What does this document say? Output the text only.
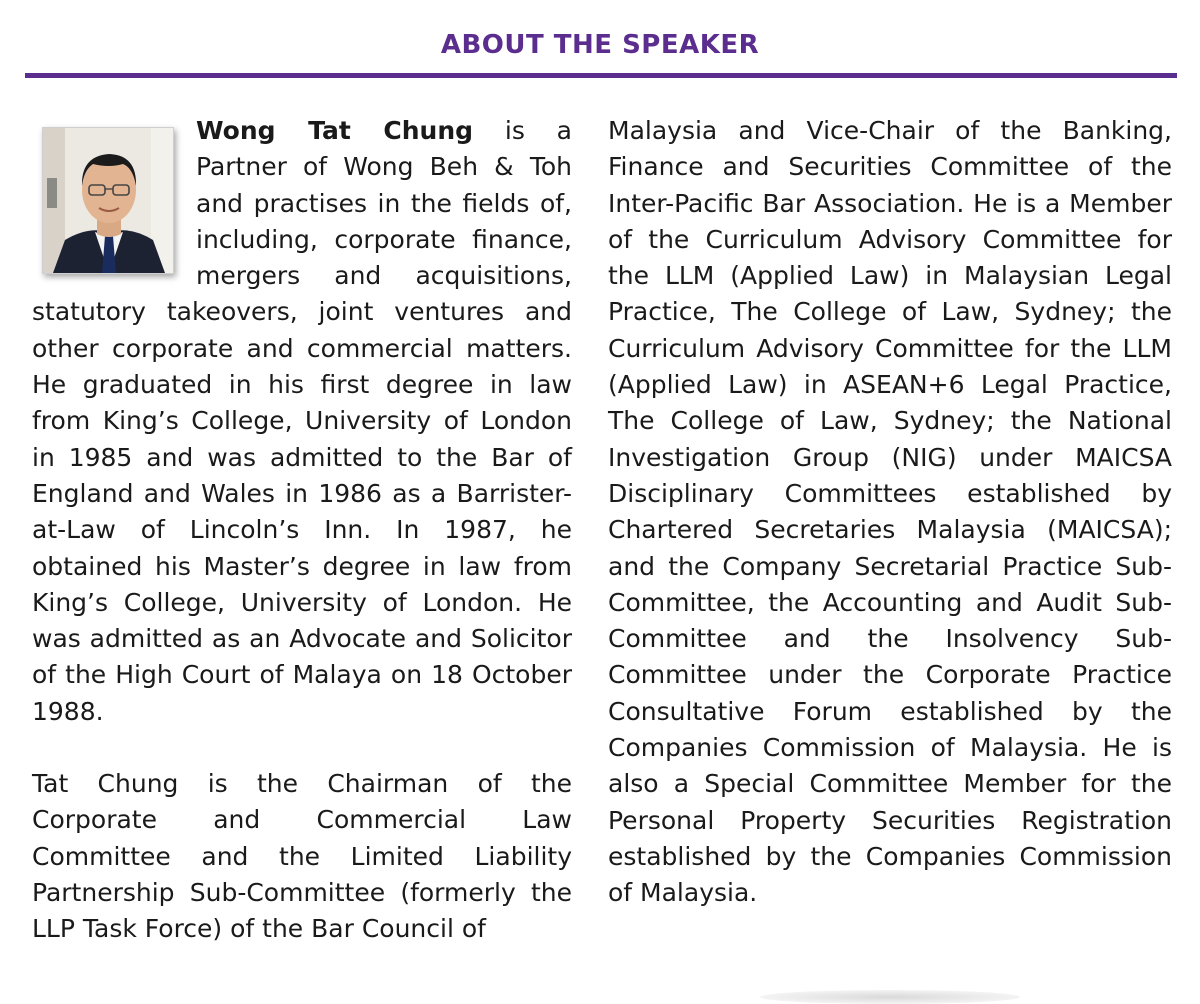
ABOUT THE SPEAKER

Wong Tat Chung is a Partner of Wong Beh & Toh and practises in the fields of, including, corporate finance, mergers and acquisitions, statutory takeovers, joint ventures and other corporate and commercial matters. He graduated in his first degree in law from King’s College, University of London in 1985 and was admitted to the Bar of England and Wales in 1986 as a Barrister-at-Law of Lincoln’s Inn. In 1987, he obtained his Master’s degree in law from King’s College, University of London. He was admitted as an Advocate and Solicitor of the High Court of Malaya on 18 October 1988.

Tat Chung is the Chairman of the Corporate and Commercial Law Committee and the Limited Liability Partnership Sub-Committee (formerly the LLP Task Force) of the Bar Council of

Malaysia and Vice-Chair of the Banking, Finance and Securities Committee of the Inter-Pacific Bar Association. He is a Member of the Curriculum Advisory Committee for the LLM (Applied Law) in Malaysian Legal Practice, The College of Law, Sydney; the Curriculum Advisory Committee for the LLM (Applied Law) in ASEAN+6 Legal Practice, The College of Law, Sydney; the National Investigation Group (NIG) under MAICSA Disciplinary Committees established by Chartered Secretaries Malaysia (MAICSA); and the Company Secretarial Practice Sub-Committee, the Accounting and Audit Sub-Committee and the Insolvency Sub-Committee under the Corporate Practice Consultative Forum established by the Companies Commission of Malaysia. He is also a Special Committee Member for the Personal Property Securities Registration established by the Companies Commission of Malaysia.
